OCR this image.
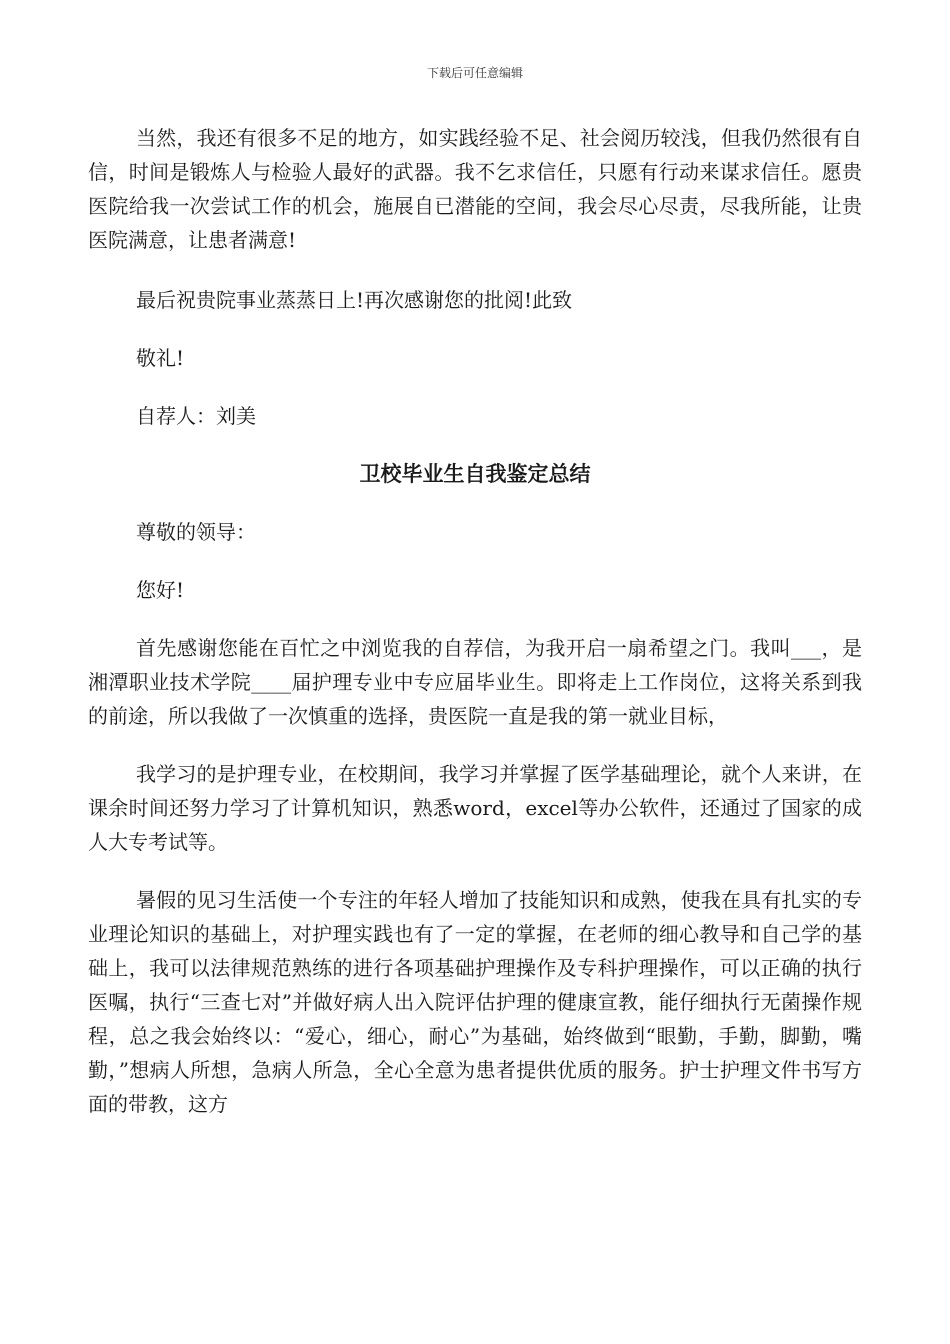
下载后可任意编辑

当然，我还有很多不足的地方，如实践经验不足、社会阅历较浅，但我仍然很有自信，时间是锻炼人与检验人最好的武器。我不乞求信任，只愿有行动来谋求信任。愿贵医院给我一次尝试工作的机会，施展自已潜能的空间，我会尽心尽责，尽我所能，让贵医院满意，让患者满意!

最后祝贵院事业蒸蒸日上!再次感谢您的批阅!此致

敬礼!

自荐人：刘美

卫校毕业生自我鉴定总结

尊敬的领导：

您好!

首先感谢您能在百忙之中浏览我的自荐信，为我开启一扇希望之门。我叫___，是湘潭职业技术学院____届护理专业中专应届毕业生。即将走上工作岗位，这将关系到我的前途，所以我做了一次慎重的选择，贵医院一直是我的第一就业目标，

我学习的是护理专业，在校期间，我学习并掌握了医学基础理论，就个人来讲，在课余时间还努力学习了计算机知识，熟悉word，excel等办公软件，还通过了国家的成人大专考试等。

暑假的见习生活使一个专注的年轻人增加了技能知识和成熟，使我在具有扎实的专业理论知识的基础上，对护理实践也有了一定的掌握，在老师的细心教导和自己学的基础上，我可以法律规范熟练的进行各项基础护理操作及专科护理操作，可以正确的执行医嘱，执行“三查七对”并做好病人出入院评估护理的健康宣教，能仔细执行无菌操作规程，总之我会始终以：“爱心，细心，耐心”为基础，始终做到“眼勤，手勤，脚勤，嘴勤，”想病人所想，急病人所急，全心全意为患者提供优质的服务。护士护理文件书写方面的带教，这方
